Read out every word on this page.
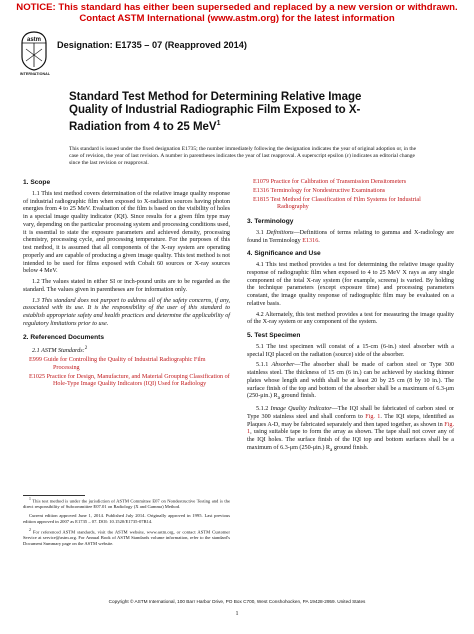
NOTICE: This standard has either been superseded and replaced by a new version or withdrawn.
Contact ASTM International (www.astm.org) for the latest information
astm
INTERNATIONAL
Designation: E1735 – 07 (Reapproved 2014)
Standard Test Method for Determining Relative Image Quality of Industrial Radiographic Film Exposed to X-Radiation from 4 to 25 MeV$^1$
This standard is issued under the fixed designation E1735; the number immediately following the designation indicates the year of original adoption or, in the case of revision, the year of last revision. A number in parentheses indicates the year of last reapproval. A superscript epsilon (ε) indicates an editorial change since the last revision or reapproval.
1. Scope
1.1 This test method covers determination of the relative image quality response of industrial radiographic film when exposed to X-radiation sources having photon energies from 4 to 25 MeV. Evaluation of the film is based on the visibility of holes in a special image quality indicator (IQI). Since results for a given film type may vary, depending on the particular processing system and processing conditions used, it is essential to state the exposure parameters and achieved density, processing chemistry, processing cycle, and processing temperature. For the purposes of this test method, it is assumed that all components of the X-ray system are operating properly and are capable of producing a given image quality. This test method is not intended to be used for films exposed with Cobalt 60 sources or X-ray sources below 4 MeV.
1.2 The values stated in either SI or inch-pound units are to be regarded as the standard. The values given in parentheses are for information only.
1.3 This standard does not purport to address all of the safety concerns, if any, associated with its use. It is the responsibility of the user of this standard to establish appropriate safety and health practices and determine the applicability of regulatory limitations prior to use.
2. Referenced Documents
2.1 ASTM Standards:$^2$
E999 Guide for Controlling the Quality of Industrial Radiographic Film Processing
E1025 Practice for Design, Manufacture, and Material Grouping Classification of Hole-Type Image Quality Indicators (IQI) Used for Radiology
E1079 Practice for Calibration of Transmission Densitometers
E1316 Terminology for Nondestructive Examinations
E1815 Test Method for Classification of Film Systems for Industrial Radiography
3. Terminology
3.1 Definitions—Definitions of terms relating to gamma and X-radiology are found in Terminology E1316.
4. Significance and Use
4.1 This test method provides a test for determining the relative image quality response of radiographic film when exposed to 4 to 25 MeV X rays as any single component of the total X-ray system (for example, screens) is varied. By holding the technique parameters (except exposure time) and processing parameters constant, the image quality response of radiographic film may be evaluated on a relative basis.
4.2 Alternately, this test method provides a test for measuring the image quality of the X-ray system or any component of the system.
5. Test Specimen
5.1 The test specimen will consist of a 15-cm (6-in.) steel absorber with a special IQI placed on the radiation (source) side of the absorber.
5.1.1 Absorber—The absorber shall be made of carbon steel or Type 300 stainless steel. The thickness of 15 cm (6 in.) can be achieved by stacking thinner plates whose length and width shall be at least 20 by 25 cm (8 by 10 in.). The surface finish of the top and bottom of the absorber shall be a maximum of 6.3-μm (250-μin.) $R_a$ ground finish.
5.1.2 Image Quality Indicator—The IQI shall be fabricated of carbon steel or Type 300 stainless steel and shall conform to Fig. 1. The IQI steps, identified as Plaques A-D, may be fabricated separately and then taped together, as shown in Fig. 1, using suitable tape to form the array as shown. The tape shall not cover any of the IQI holes. The surface finish of the IQI top and bottom surfaces shall be a maximum of 6.3-μm (250-μin.) $R_a$ ground finish.
$^1$ This test method is under the jurisdiction of ASTM Committee E07 on Nondestructive Testing and is the direct responsibility of Subcommittee E07.01 on Radiology (X and Gamma) Method.
Current edition approved June 1, 2014. Published July 2014. Originally approved in 1995. Last previous edition approved in 2007 as E1735 – 07. DOI: 10.1520/E1735-07R14.
$^2$ For referenced ASTM standards, visit the ASTM website, www.astm.org, or contact ASTM Customer Service at service@astm.org. For Annual Book of ASTM Standards volume information, refer to the standard's Document Summary page on the ASTM website.
Copyright © ASTM International, 100 Barr Harbor Drive, PO Box C700, West Conshohocken, PA 19428-2959. United States
1
